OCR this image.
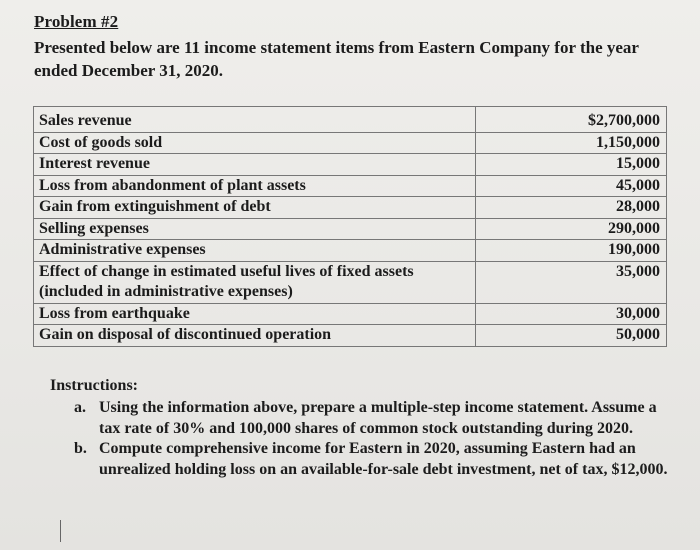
Problem #2
Presented below are 11 income statement items from Eastern Company for the year ended December 31, 2020.
Sales revenue	$2,700,000
Cost of goods sold	1,150,000
Interest revenue	15,000
Loss from abandonment of plant assets	45,000
Gain from extinguishment of debt	28,000
Selling expenses	290,000
Administrative expenses	190,000
Effect of change in estimated useful lives of fixed assets (included in administrative expenses)	35,000
Loss from earthquake	30,000
Gain on disposal of discontinued operation	50,000
Instructions:
a. Using the information above, prepare a multiple-step income statement. Assume a tax rate of 30% and 100,000 shares of common stock outstanding during 2020.
b. Compute comprehensive income for Eastern in 2020, assuming Eastern had an unrealized holding loss on an available-for-sale debt investment, net of tax, $12,000.
